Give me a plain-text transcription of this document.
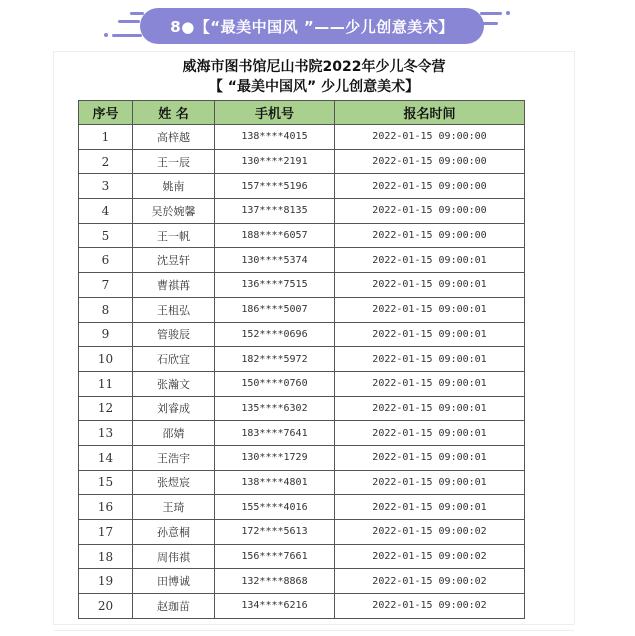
8●【“最美中国风 ”——少儿创意美术】
威海市图书馆尼山书院2022年少儿冬令营
【 “最美中国风” 少儿创意美术】
序号	姓 名	手机号	报名时间
1	高梓越	138****4015	2022-01-15 09:00:00
2	王一辰	130****2191	2022-01-15 09:00:00
3	姚南	157****5196	2022-01-15 09:00:00
4	吴於婉馨	137****8135	2022-01-15 09:00:00
5	王一帆	188****6057	2022-01-15 09:00:00
6	沈昱轩	130****5374	2022-01-15 09:00:01
7	曹祺苒	136****7515	2022-01-15 09:00:01
8	王柤弘	186****5007	2022-01-15 09:00:01
9	管骏辰	152****0696	2022-01-15 09:00:01
10	石欣宜	182****5972	2022-01-15 09:00:01
11	张瀚文	150****0760	2022-01-15 09:00:01
12	刘睿成	135****6302	2022-01-15 09:00:01
13	邵婧	183****7641	2022-01-15 09:00:01
14	王浩宇	130****1729	2022-01-15 09:00:01
15	张煜宸	138****4801	2022-01-15 09:00:01
16	王琦	155****4016	2022-01-15 09:00:01
17	孙意桐	172****5613	2022-01-15 09:00:02
18	周伟祺	156****7661	2022-01-15 09:00:02
19	田博诚	132****8868	2022-01-15 09:00:02
20	赵珈苗	134****6216	2022-01-15 09:00:02
